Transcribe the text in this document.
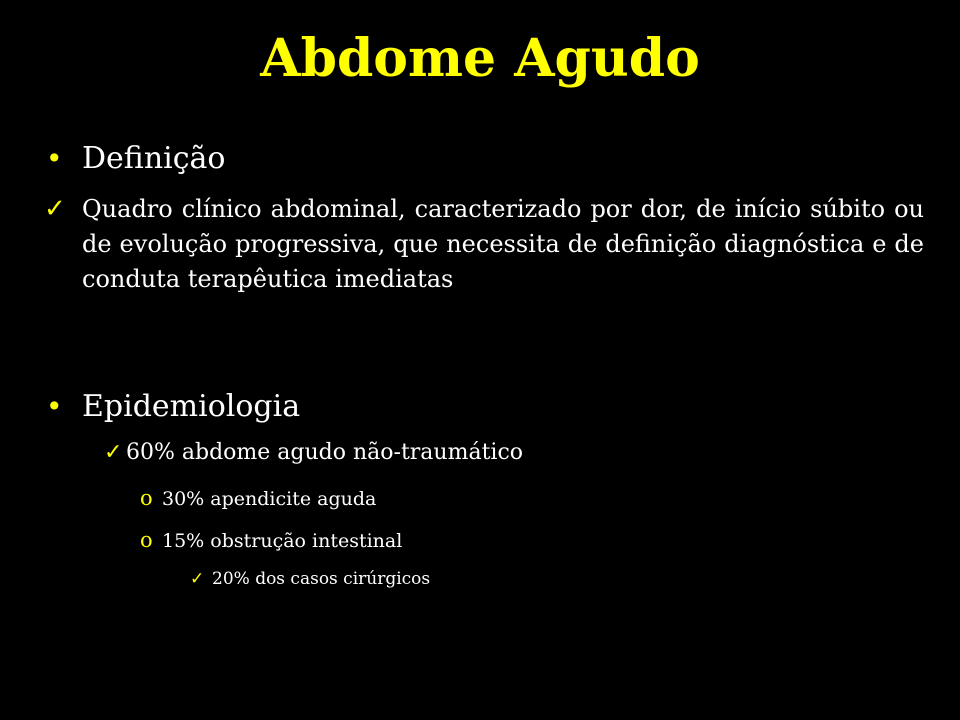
Abdome Agudo
• Definição
✓ Quadro clínico abdominal, caracterizado por dor, de início súbito ou de evolução progressiva, que necessita de definição diagnóstica e de conduta terapêutica imediatas
• Epidemiologia
✓ 60% abdome agudo não-traumático
o 30% apendicite aguda
o 15% obstrução intestinal
✓ 20% dos casos cirúrgicos
